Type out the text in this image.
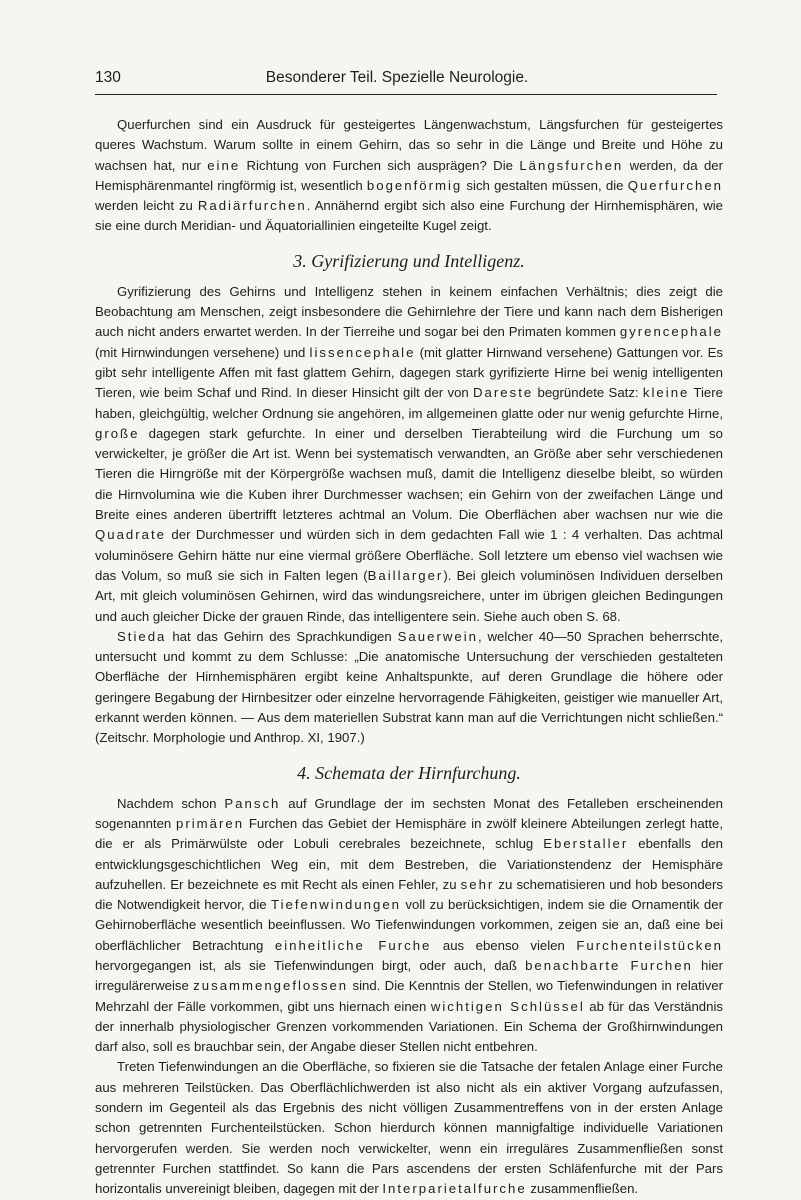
130	Besonderer Teil. Spezielle Neurologie.

Querfurchen sind ein Ausdruck für gesteigertes Längenwachstum, Längsfurchen für gesteigertes queres Wachstum. Warum sollte in einem Gehirn, das so sehr in die Länge und Breite und Höhe zu wachsen hat, nur eine Richtung von Furchen sich ausprägen? Die Längsfurchen werden, da der Hemisphärenmantel ringförmig ist, wesentlich bogenförmig sich gestalten müssen, die Querfurchen werden leicht zu Radiärfurchen. Annähernd ergibt sich also eine Furchung der Hirnhemisphären, wie sie eine durch Meridian- und Äquatoriallinien eingeteilte Kugel zeigt.

3. Gyrifizierung und Intelligenz.

Gyrifizierung des Gehirns und Intelligenz stehen in keinem einfachen Verhältnis; dies zeigt die Beobachtung am Menschen, zeigt insbesondere die Gehirnlehre der Tiere und kann nach dem Bisherigen auch nicht anders erwartet werden. In der Tierreihe und sogar bei den Primaten kommen gyrencephale (mit Hirnwindungen versehene) und lissencephale (mit glatter Hirnwand versehene) Gattungen vor. Es gibt sehr intelligente Affen mit fast glattem Gehirn, dagegen stark gyrifizierte Hirne bei wenig intelligenten Tieren, wie beim Schaf und Rind. In dieser Hinsicht gilt der von Dareste begründete Satz: kleine Tiere haben, gleichgültig, welcher Ordnung sie angehören, im allgemeinen glatte oder nur wenig gefurchte Hirne, große dagegen stark gefurchte. In einer und derselben Tierabteilung wird die Furchung um so verwickelter, je größer die Art ist. Wenn bei systematisch verwandten, an Größe aber sehr verschiedenen Tieren die Hirngröße mit der Körpergröße wachsen muß, damit die Intelligenz dieselbe bleibt, so würden die Hirnvolumina wie die Kuben ihrer Durchmesser wachsen; ein Gehirn von der zweifachen Länge und Breite eines anderen übertrifft letzteres achtmal an Volum. Die Oberflächen aber wachsen nur wie die Quadrate der Durchmesser und würden sich in dem gedachten Fall wie 1 : 4 verhalten. Das achtmal voluminösere Gehirn hätte nur eine viermal größere Oberfläche. Soll letztere um ebenso viel wachsen wie das Volum, so muß sie sich in Falten legen (Baillarger). Bei gleich voluminösen Individuen derselben Art, mit gleich voluminösen Gehirnen, wird das windungsreichere, unter im übrigen gleichen Bedingungen und auch gleicher Dicke der grauen Rinde, das intelligentere sein. Siehe auch oben S. 68.

Stieda hat das Gehirn des Sprachkundigen Sauerwein, welcher 40—50 Sprachen beherrschte, untersucht und kommt zu dem Schlusse: „Die anatomische Untersuchung der verschieden gestalteten Oberfläche der Hirnhemisphären ergibt keine Anhaltspunkte, auf deren Grundlage die höhere oder geringere Begabung der Hirnbesitzer oder einzelne hervorragende Fähigkeiten, geistiger wie manueller Art, erkannt werden können. — Aus dem materiellen Substrat kann man auf die Verrichtungen nicht schließen.“ (Zeitschr. Morphologie und Anthrop. XI, 1907.)

4. Schemata der Hirnfurchung.

Nachdem schon Pansch auf Grundlage der im sechsten Monat des Fetalleben erscheinenden sogenannten primären Furchen das Gebiet der Hemisphäre in zwölf kleinere Abteilungen zerlegt hatte, die er als Primärwülste oder Lobuli cerebrales bezeichnete, schlug Eberstaller ebenfalls den entwicklungsgeschichtlichen Weg ein, mit dem Bestreben, die Variationstendenz der Hemisphäre aufzuhellen. Er bezeichnete es mit Recht als einen Fehler, zu sehr zu schematisieren und hob besonders die Notwendigkeit hervor, die Tiefenwindungen voll zu berücksichtigen, indem sie die Ornamentik der Gehirnoberfläche wesentlich beeinflussen. Wo Tiefenwindungen vorkommen, zeigen sie an, daß eine bei oberflächlicher Betrachtung einheitliche Furche aus ebenso vielen Furchenteilstücken hervorgegangen ist, als sie Tiefenwindungen birgt, oder auch, daß benachbarte Furchen hier irregulärerweise zusammengeflossen sind. Die Kenntnis der Stellen, wo Tiefenwindungen in relativer Mehrzahl der Fälle vorkommen, gibt uns hiernach einen wichtigen Schlüssel ab für das Verständnis der innerhalb physiologischer Grenzen vorkommenden Variationen. Ein Schema der Großhirnwindungen darf also, soll es brauchbar sein, der Angabe dieser Stellen nicht entbehren.

Treten Tiefenwindungen an die Oberfläche, so fixieren sie die Tatsache der fetalen Anlage einer Furche aus mehreren Teilstücken. Das Oberflächlichwerden ist also nicht als ein aktiver Vorgang aufzufassen, sondern im Gegenteil als das Ergebnis des nicht völligen Zusammentreffens von in der ersten Anlage schon getrennten Furchenteilstücken. Schon hierdurch können mannigfaltige individuelle Variationen hervorgerufen werden. Sie werden noch verwickelter, wenn ein irreguläres Zusammenfließen sonst getrennter Furchen stattfindet. So kann die Pars ascendens der ersten Schläfenfurche mit der Pars horizontalis unvereinigt bleiben, dagegen mit der Interparietalfurche zusammenfließen.
